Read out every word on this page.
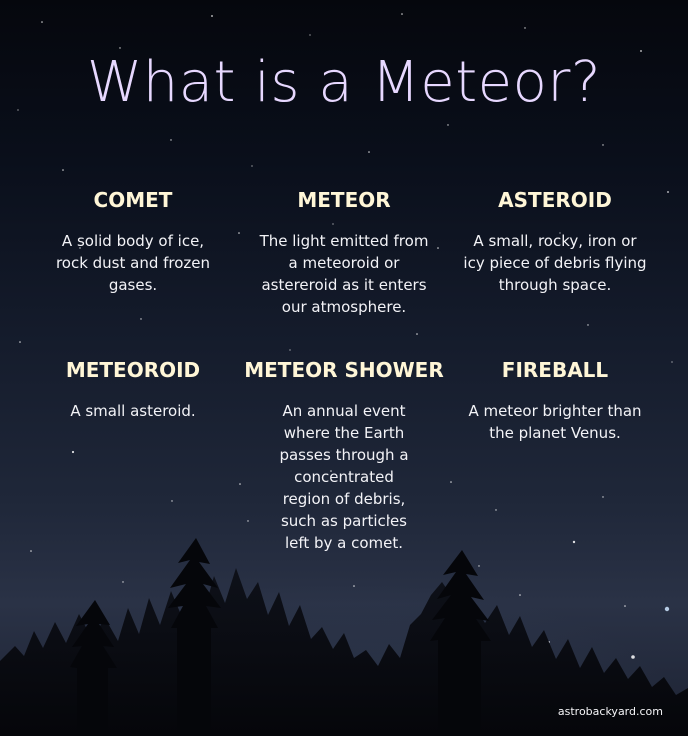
What is a Meteor?
COMET
A solid body of ice, rock dust and frozen gases.
METEOR
The light emitted from a meteoroid or astereroid as it enters our atmosphere.
ASTEROID
A small, rocky, iron or icy piece of debris flying through space.
METEOROID
A small asteroid.
METEOR SHOWER
An annual event where the Earth passes through a concentrated region of debris, such as particles left by a comet.
FIREBALL
A meteor brighter than the planet Venus.
astrobackyard.com
